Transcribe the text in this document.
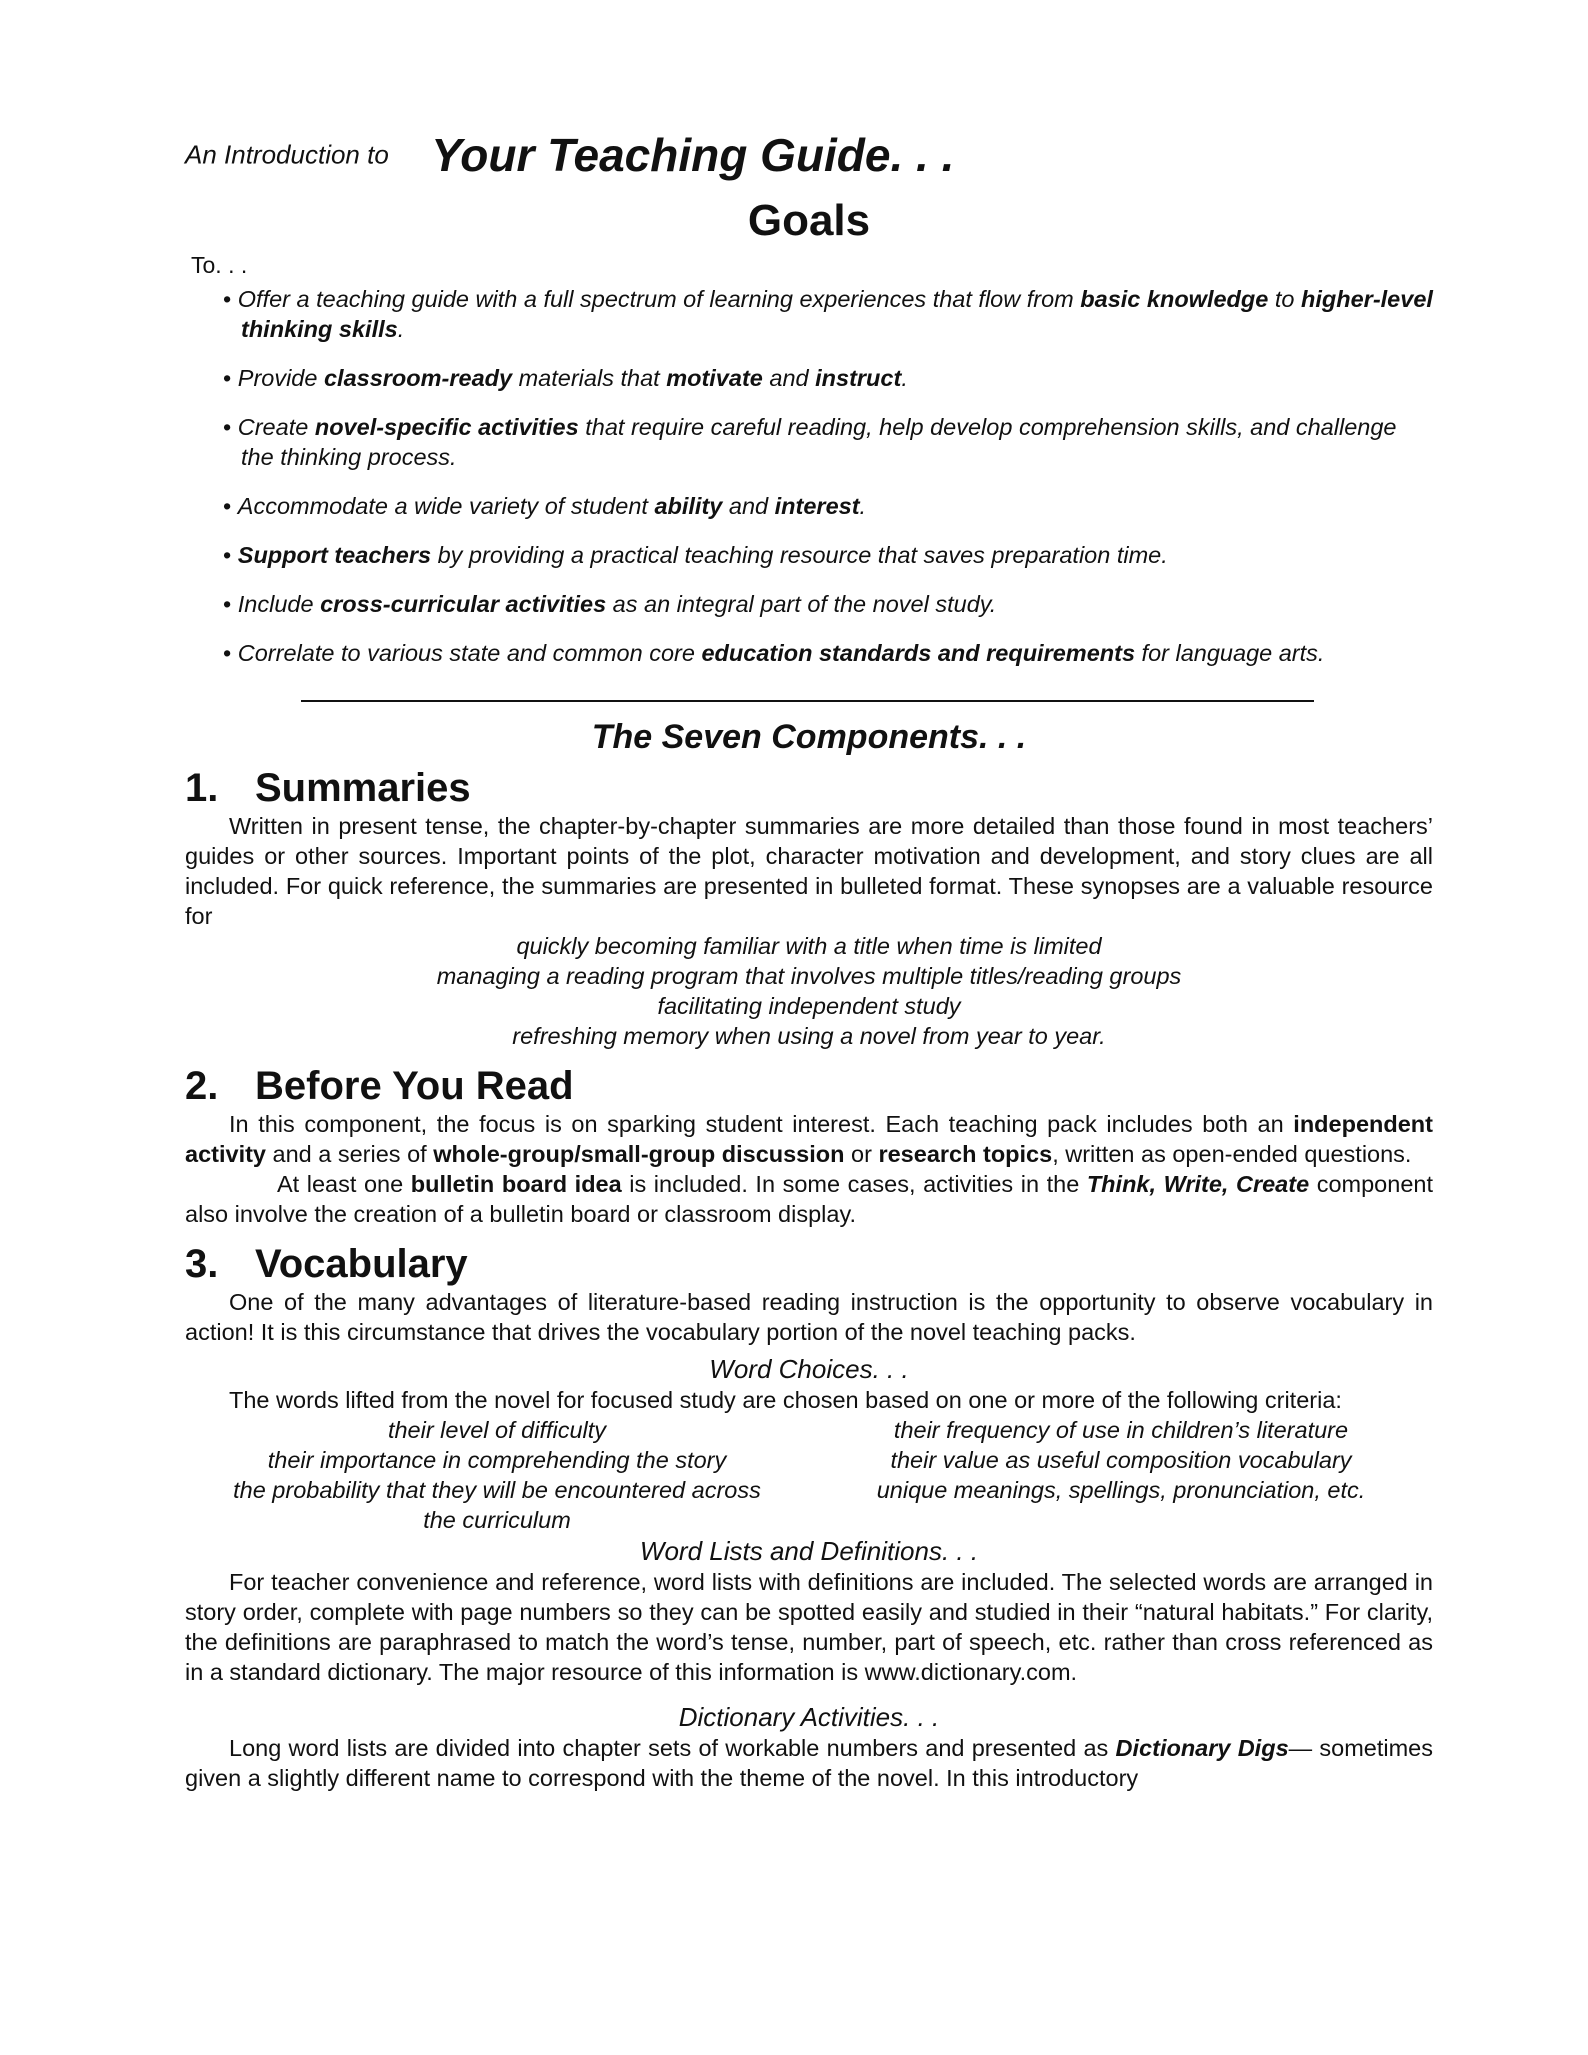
An Introduction to Your Teaching Guide. . .
Goals
To. . .
• Offer a teaching guide with a full spectrum of learning experiences that flow from basic knowledge to higher-level thinking skills.
• Provide classroom-ready materials that motivate and instruct.
• Create novel-specific activities that require careful reading, help develop comprehension skills, and challenge the thinking process.
• Accommodate a wide variety of student ability and interest.
• Support teachers by providing a practical teaching resource that saves preparation time.
• Include cross-curricular activities as an integral part of the novel study.
• Correlate to various state and common core education standards and requirements for language arts.
The Seven Components. . .
1. Summaries

Written in present tense, the chapter-by-chapter summaries are more detailed than those found in most teachers’ guides or other sources. Important points of the plot, character motivation and development, and story clues are all included. For quick reference, the summaries are presented in bulleted format. These synopses are a valuable resource for

quickly becoming familiar with a title when time is limited
managing a reading program that involves multiple titles/reading groups
facilitating independent study
refreshing memory when using a novel from year to year.
2. Before You Read

In this component, the focus is on sparking student interest. Each teaching pack includes both an independent activity and a series of whole-group/small-group discussion or research topics, written as open-ended questions.

At least one bulletin board idea is included. In some cases, activities in the Think, Write, Create component also involve the creation of a bulletin board or classroom display.

3. Vocabulary

One of the many advantages of literature-based reading instruction is the opportunity to observe vocabulary in action! It is this circumstance that drives the vocabulary portion of the novel teaching packs.

Word Choices. . .

The words lifted from the novel for focused study are chosen based on one or more of the following criteria:

their level of difficulty
their importance in comprehending the story
the probability that they will be encountered across the curriculum
their frequency of use in children’s literature
their value as useful composition vocabulary
unique meanings, spellings, pronunciation, etc.
Word Lists and Definitions. . .

For teacher convenience and reference, word lists with definitions are included. The selected words are arranged in story order, complete with page numbers so they can be spotted easily and studied in their “natural habitats.” For clarity, the definitions are paraphrased to match the word’s tense, number, part of speech, etc. rather than cross referenced as in a standard dictionary. The major resource of this information is www.dictionary.com.

Dictionary Activities. . .

Long word lists are divided into chapter sets of workable numbers and presented as Dictionary Digs— sometimes given a slightly different name to correspond with the theme of the novel. In this introductory
